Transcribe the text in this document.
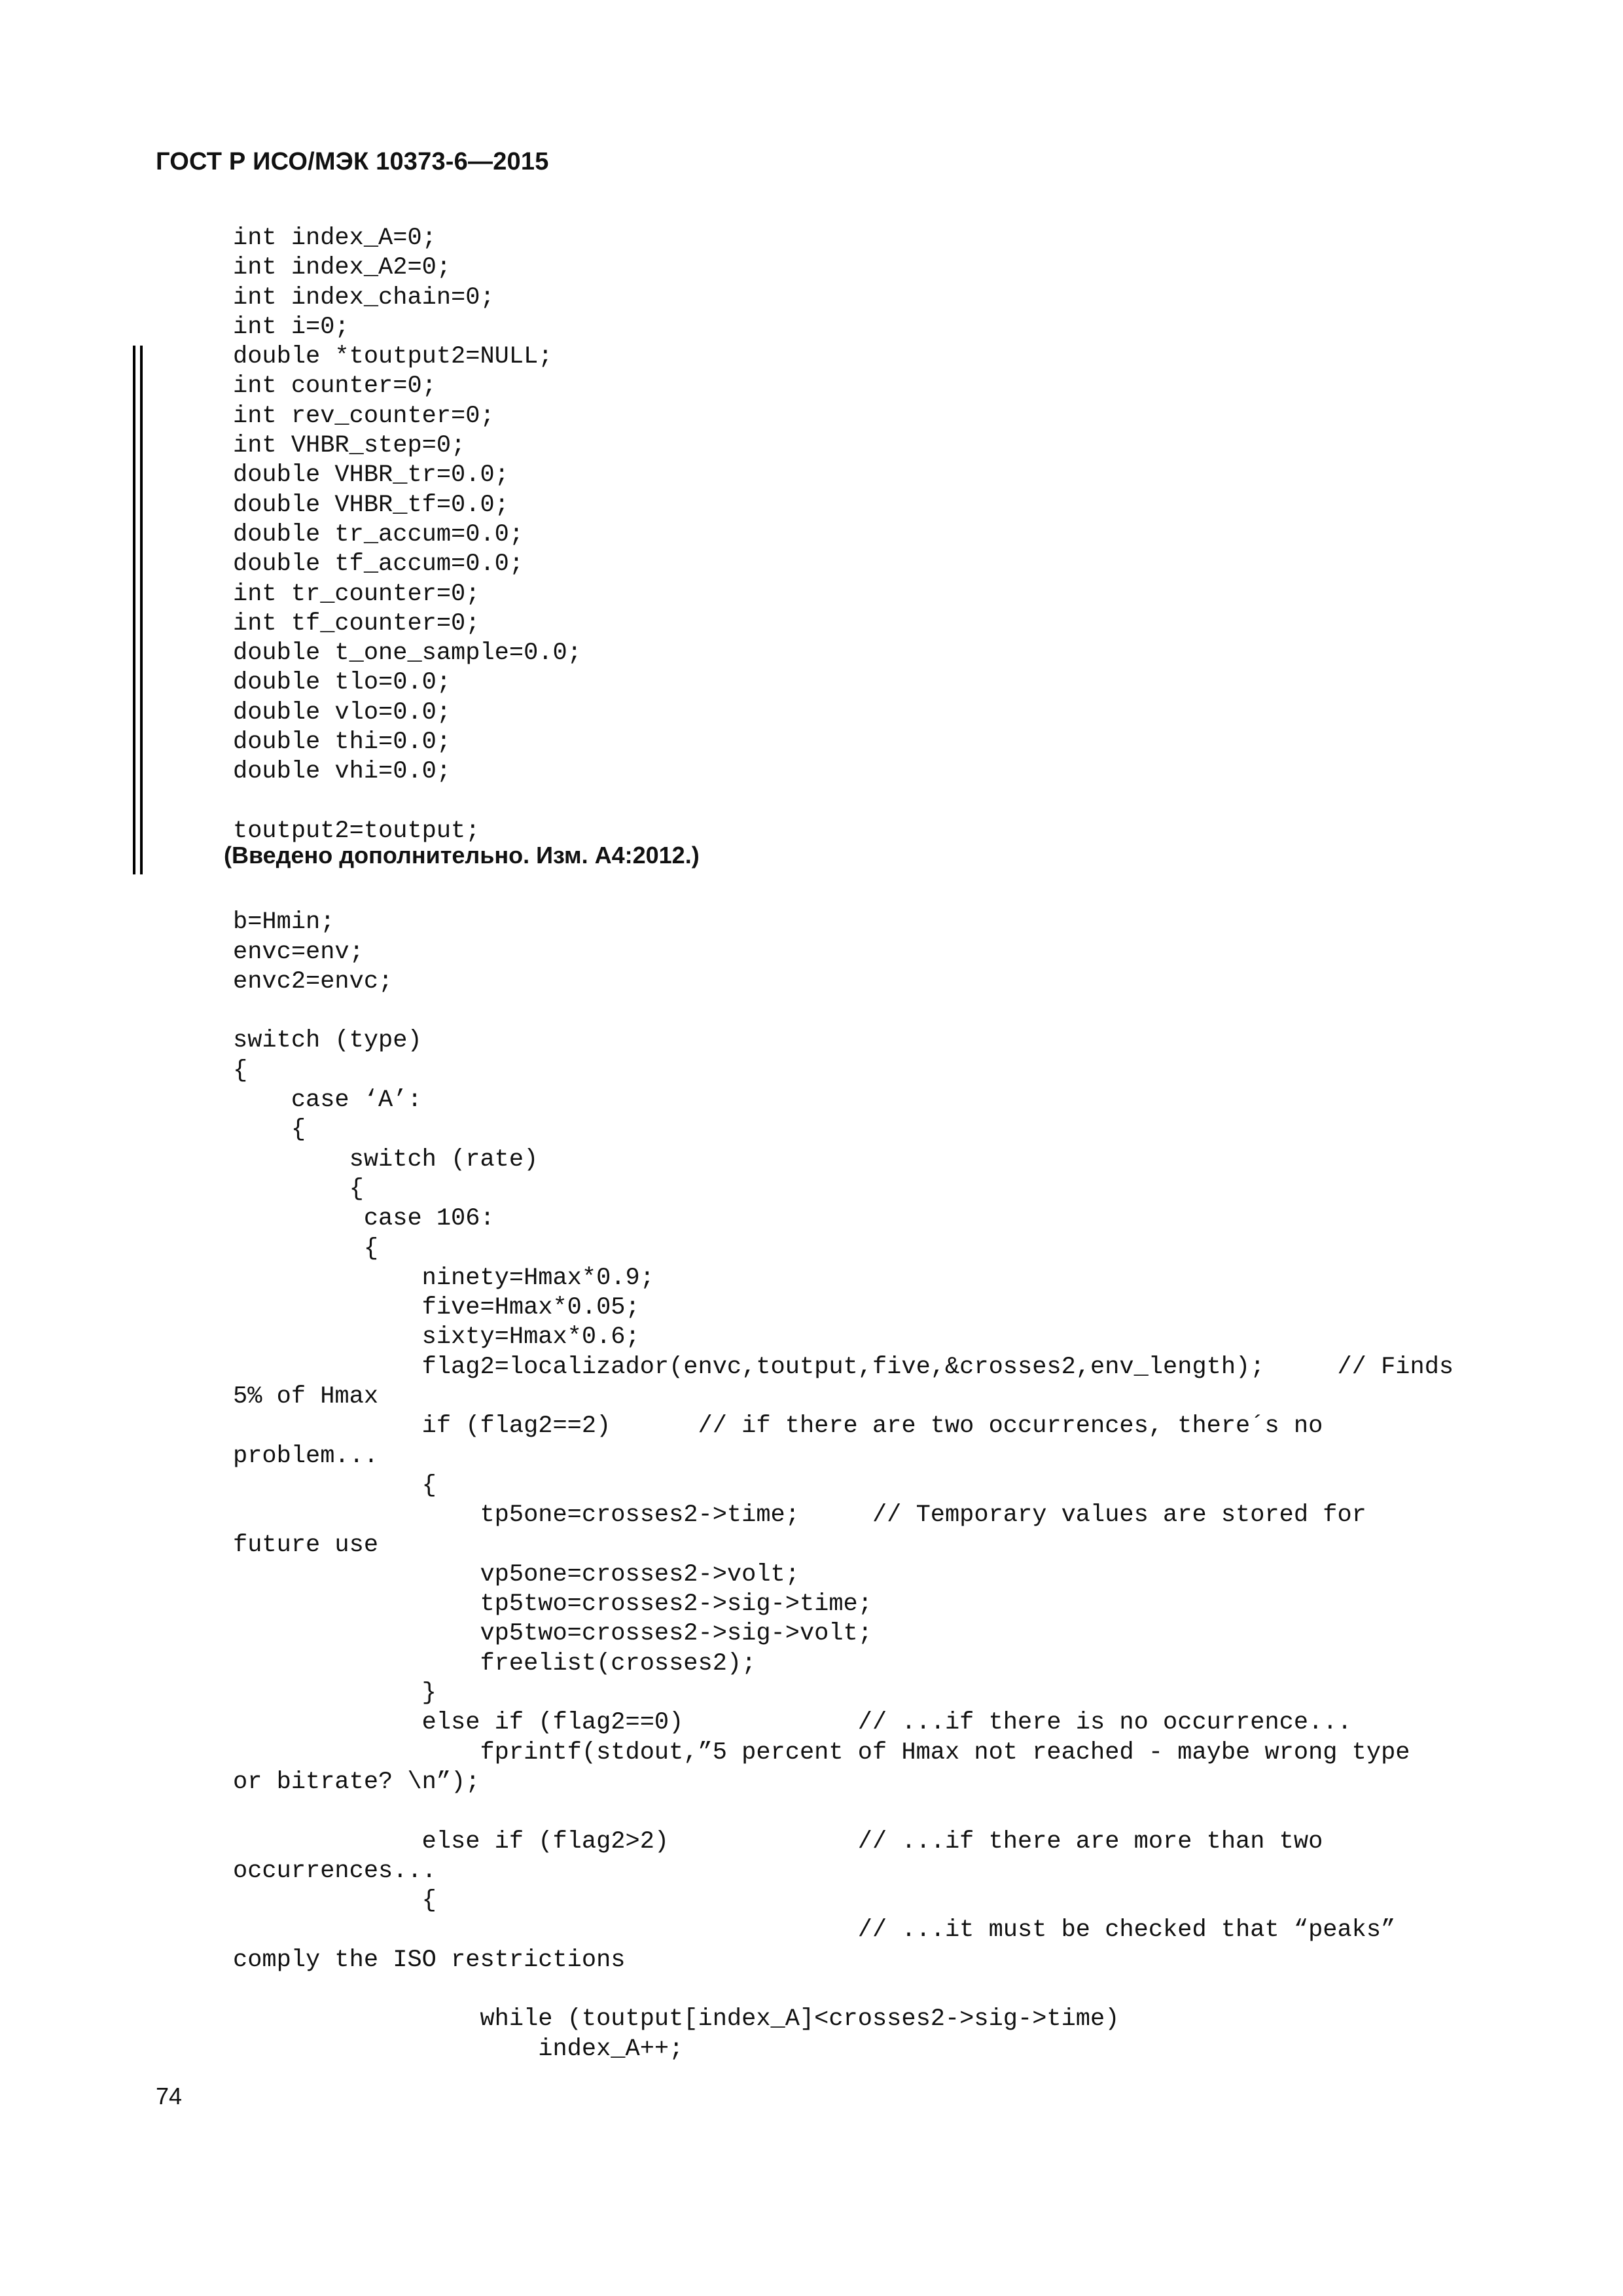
ГОСТ Р ИСО/МЭК 10373-6—2015
int index_A=0;
int index_A2=0;
int index_chain=0;
int i=0;
double *toutput2=NULL;
int counter=0;
int rev_counter=0;
int VHBR_step=0;
double VHBR_tr=0.0;
double VHBR_tf=0.0;
double tr_accum=0.0;
double tf_accum=0.0;
int tr_counter=0;
int tf_counter=0;
double t_one_sample=0.0;
double tlo=0.0;
double vlo=0.0;
double thi=0.0;
double vhi=0.0;
toutput2=toutput;
(Введено дополнительно. Изм. А4:2012.)
b=Hmin;
envc=env;
envc2=envc;
switch (type)
{
case ‘A’:
{
switch (rate)
{
case 106:
{
ninety=Hmax*0.9;
five=Hmax*0.05;
sixty=Hmax*0.6;
flag2=localizador(envc,toutput,five,&crosses2,env_length);     // Finds
5% of Hmax
if (flag2==2)      // if there are two occurrences, there´s no
problem...
{
tp5one=crosses2->time;     // Temporary values are stored for
future use
vp5one=crosses2->volt;
tp5two=crosses2->sig->time;
vp5two=crosses2->sig->volt;
freelist(crosses2);
}
else if (flag2==0)            // ...if there is no occurrence...
fprintf(stdout,”5 percent of Hmax not reached - maybe wrong type
or bitrate? \n”);
else if (flag2>2)             // ...if there are more than two
occurrences...
{
// ...it must be checked that “peaks”
comply the ISO restrictions
while (toutput[index_A]<crosses2->sig->time)
index_A++;
74
